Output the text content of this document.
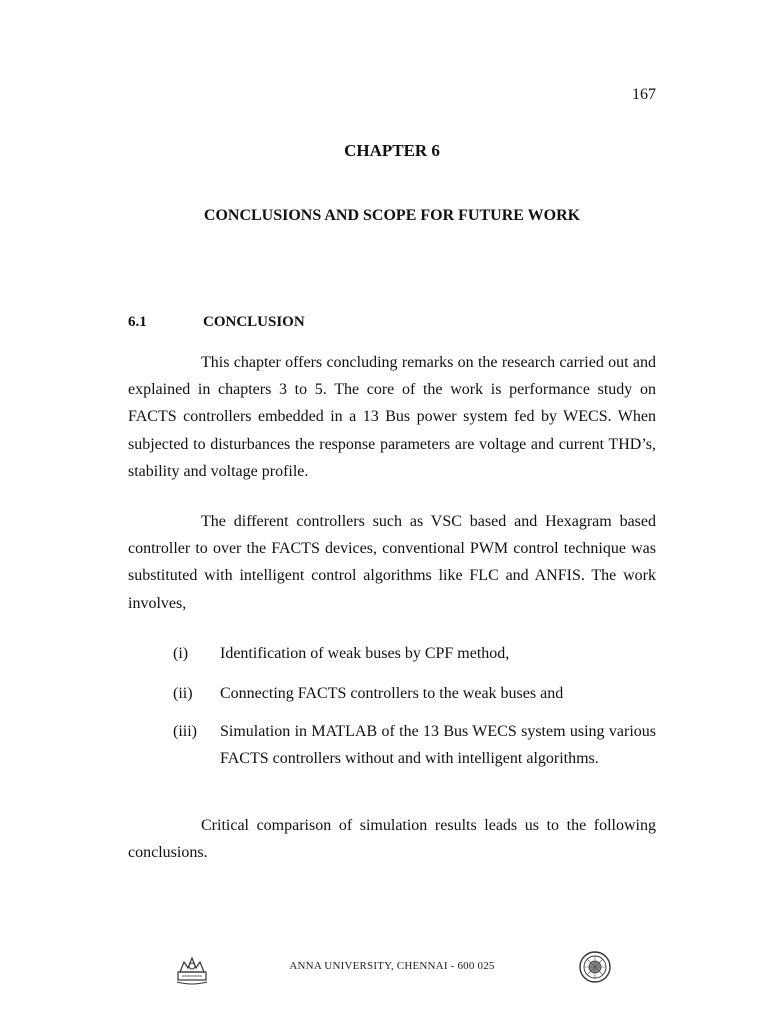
167
CHAPTER 6
CONCLUSIONS AND SCOPE FOR FUTURE WORK
6.1	CONCLUSION
This chapter offers concluding remarks on the research carried out and explained in chapters 3 to 5. The core of the work is performance study on FACTS controllers embedded in a 13 Bus power system fed by WECS. When subjected to disturbances the response parameters are voltage and current THD’s, stability and voltage profile.
The different controllers such as VSC based and Hexagram based controller to over the FACTS devices, conventional PWM control technique was substituted with intelligent control algorithms like FLC and ANFIS. The work involves,
(i)	Identification of weak buses by CPF method,
(ii)	Connecting FACTS controllers to the weak buses and
(iii)	Simulation in MATLAB of the 13 Bus WECS system using various FACTS controllers without and with intelligent algorithms.
Critical comparison of simulation results leads us to the following conclusions.
ANNA UNIVERSITY, CHENNAI - 600 025
